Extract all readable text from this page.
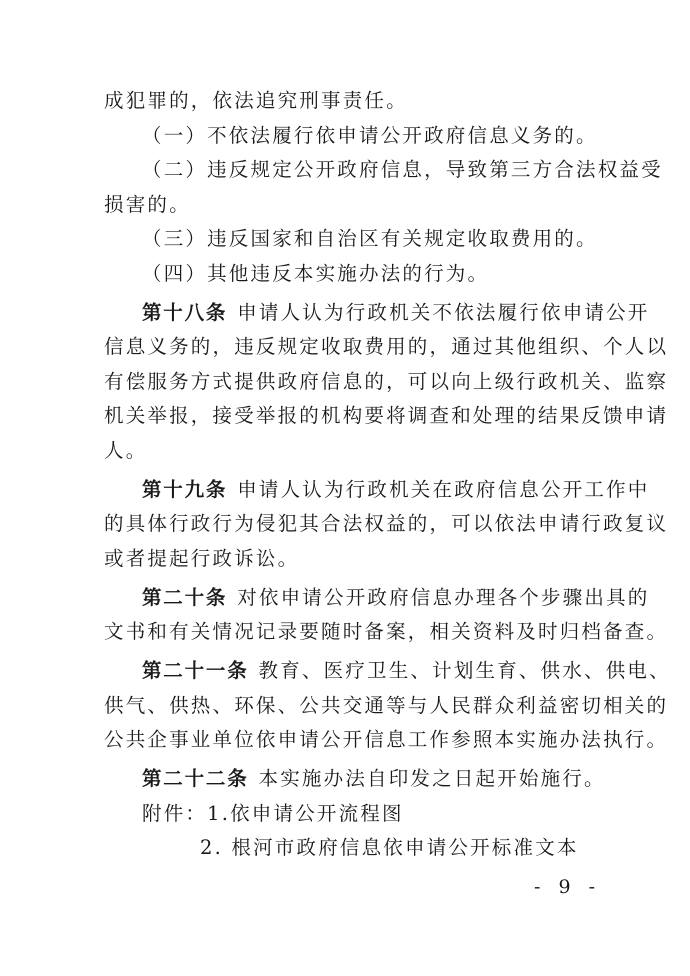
成犯罪的，依法追究刑事责任。
（一）不依法履行依申请公开政府信息义务的。
（二）违反规定公开政府信息，导致第三方合法权益受
损害的。
（三）违反国家和自治区有关规定收取费用的。
（四）其他违反本实施办法的行为。
第十八条 申请人认为行政机关不依法履行依申请公开
信息义务的，违反规定收取费用的，通过其他组织、个人以
有偿服务方式提供政府信息的，可以向上级行政机关、监察
机关举报，接受举报的机构要将调查和处理的结果反馈申请
人。
第十九条 申请人认为行政机关在政府信息公开工作中
的具体行政行为侵犯其合法权益的，可以依法申请行政复议
或者提起行政诉讼。
第二十条 对依申请公开政府信息办理各个步骤出具的
文书和有关情况记录要随时备案，相关资料及时归档备查。
第二十一条 教育、医疗卫生、计划生育、供水、供电、
供气、供热、环保、公共交通等与人民群众利益密切相关的
公共企事业单位依申请公开信息工作参照本实施办法执行。
第二十二条 本实施办法自印发之日起开始施行。
附件：1.依申请公开流程图
2. 根河市政府信息依申请公开标准文本
- 9 -
